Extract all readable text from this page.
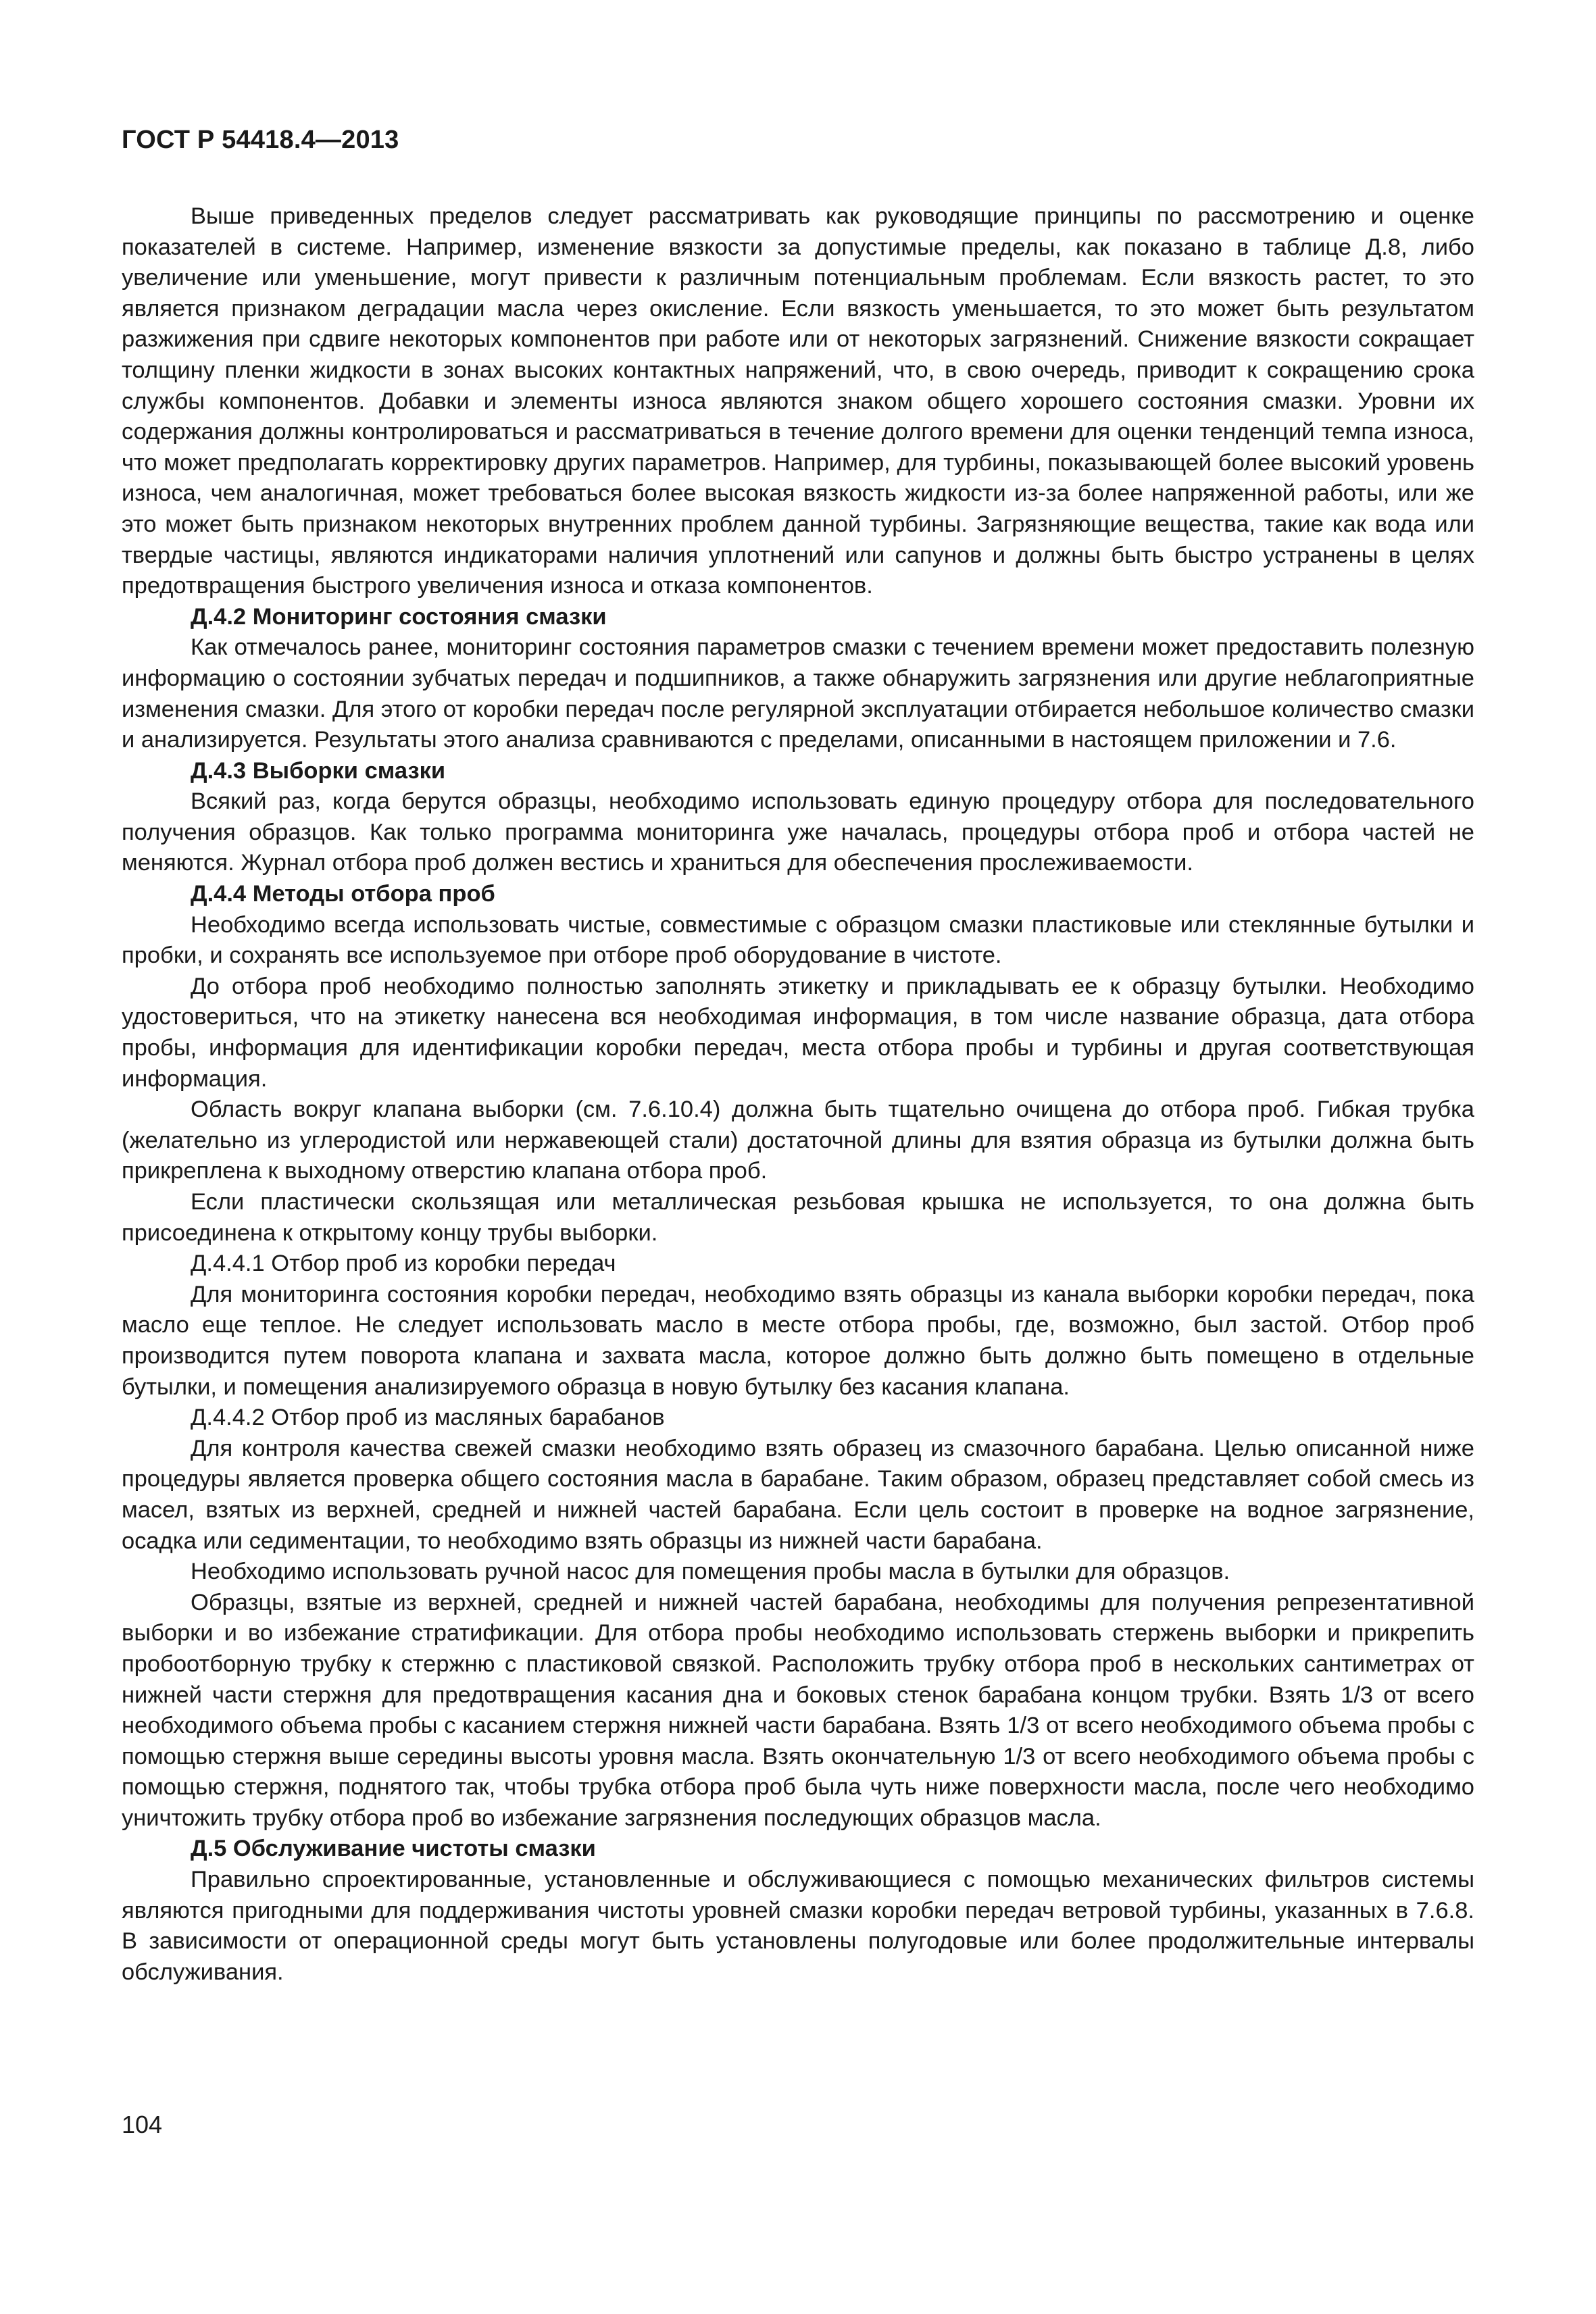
ГОСТ Р 54418.4—2013

Выше приведенных пределов следует рассматривать как руководящие принципы по рассмотрению и оценке показателей в системе. Например, изменение вязкости за допустимые пределы, как показано в таблице Д.8, либо увеличение или уменьшение, могут привести к различным потенциальным проблемам. Если вязкость растет, то это является признаком деградации масла через окисление. Если вязкость уменьшается, то это может быть результатом разжижения при сдвиге некоторых компонентов при работе или от некоторых загрязнений. Снижение вязкости сокращает толщину пленки жидкости в зонах высоких контактных напряжений, что, в свою очередь, приводит к сокращению срока службы компонентов. Добавки и элементы износа являются знаком общего хорошего состояния смазки. Уровни их содержания должны контролироваться и рассматриваться в течение долгого времени для оценки тенденций темпа износа, что может предполагать корректировку других параметров. Например, для турбины, показывающей более высокий уровень износа, чем аналогичная, может требоваться более высокая вязкость жидкости из-за более напряженной работы, или же это может быть признаком некоторых внутренних проблем данной турбины. Загрязняющие вещества, такие как вода или твердые частицы, являются индикаторами наличия уплотнений или сапунов и должны быть быстро устранены в целях предотвращения быстрого увеличения износа и отказа компонентов.

Д.4.2 Мониторинг состояния смазки

Как отмечалось ранее, мониторинг состояния параметров смазки с течением времени может предоставить полезную информацию о состоянии зубчатых передач и подшипников, а также обнаружить загрязнения или другие неблагоприятные изменения смазки. Для этого от коробки передач после регулярной эксплуатации отбирается небольшое количество смазки и анализируется. Результаты этого анализа сравниваются с пределами, описанными в настоящем приложении и 7.6.

Д.4.3 Выборки смазки

Всякий раз, когда берутся образцы, необходимо использовать единую процедуру отбора для последовательного получения образцов. Как только программа мониторинга уже началась, процедуры отбора проб и отбора частей не меняются. Журнал отбора проб должен вестись и храниться для обеспечения прослеживаемости.

Д.4.4 Методы отбора проб

Необходимо всегда использовать чистые, совместимые с образцом смазки пластиковые или стеклянные бутылки и пробки, и сохранять все используемое при отборе проб оборудование в чистоте.

До отбора проб необходимо полностью заполнять этикетку и прикладывать ее к образцу бутылки. Необходимо удостовериться, что на этикетку нанесена вся необходимая информация, в том числе название образца, дата отбора пробы, информация для идентификации коробки передач, места отбора пробы и турбины и другая соответствующая информация.

Область вокруг клапана выборки (см. 7.6.10.4) должна быть тщательно очищена до отбора проб. Гибкая трубка (желательно из углеродистой или нержавеющей стали) достаточной длины для взятия образца из бутылки должна быть прикреплена к выходному отверстию клапана отбора проб.

Если пластически скользящая или металлическая резьбовая крышка не используется, то она должна быть присоединена к открытому концу трубы выборки.

Д.4.4.1 Отбор проб из коробки передач

Для мониторинга состояния коробки передач, необходимо взять образцы из канала выборки коробки передач, пока масло еще теплое. Не следует использовать масло в месте отбора пробы, где, возможно, был застой. Отбор проб производится путем поворота клапана и захвата масла, которое должно быть должно быть помещено в отдельные бутылки, и помещения анализируемого образца в новую бутылку без касания клапана.

Д.4.4.2 Отбор проб из масляных барабанов

Для контроля качества свежей смазки необходимо взять образец из смазочного барабана. Целью описанной ниже процедуры является проверка общего состояния масла в барабане. Таким образом, образец представляет собой смесь из масел, взятых из верхней, средней и нижней частей барабана. Если цель состоит в проверке на водное загрязнение, осадка или седиментации, то необходимо взять образцы из нижней части барабана.

Необходимо использовать ручной насос для помещения пробы масла в бутылки для образцов.

Образцы, взятые из верхней, средней и нижней частей барабана, необходимы для получения репрезентативной выборки и во избежание стратификации. Для отбора пробы необходимо использовать стержень выборки и прикрепить пробоотборную трубку к стержню с пластиковой связкой. Расположить трубку отбора проб в нескольких сантиметрах от нижней части стержня для предотвращения касания дна и боковых стенок барабана концом трубки. Взять 1/3 от всего необходимого объема пробы с касанием стержня нижней части барабана. Взять 1/3 от всего необходимого объема пробы с помощью стержня выше середины высоты уровня масла. Взять окончательную 1/3 от всего необходимого объема пробы с помощью стержня, поднятого так, чтобы трубка отбора проб была чуть ниже поверхности масла, после чего необходимо уничтожить трубку отбора проб во избежание загрязнения последующих образцов масла.

Д.5 Обслуживание чистоты смазки

Правильно спроектированные, установленные и обслуживающиеся с помощью механических фильтров системы являются пригодными для поддерживания чистоты уровней смазки коробки передач ветровой турбины, указанных в 7.6.8. В зависимости от операционной среды могут быть установлены полугодовые или более продолжительные интервалы обслуживания.

104
